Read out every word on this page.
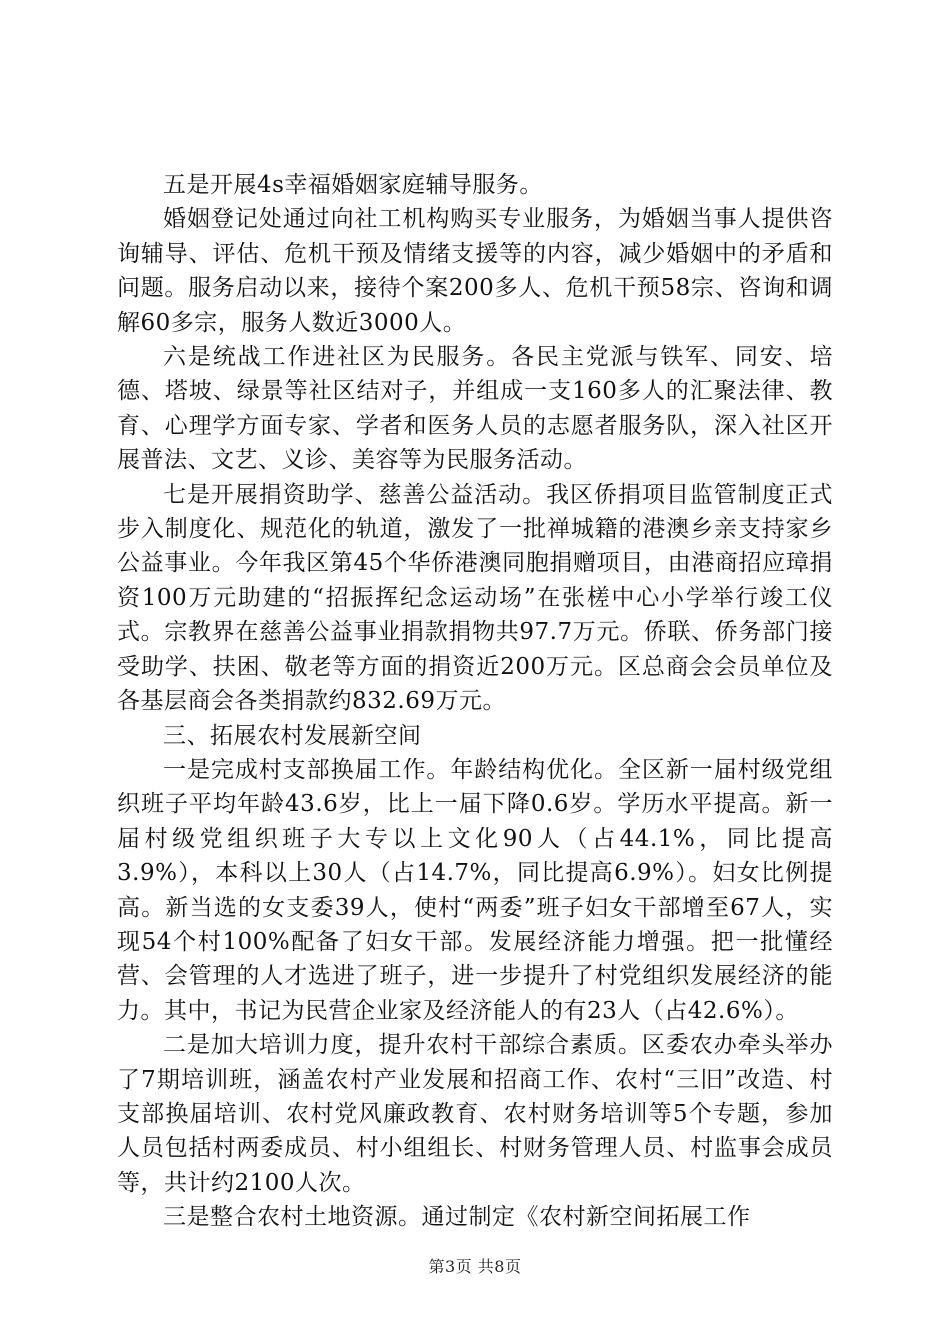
五是开展4s幸福婚姻家庭辅导服务。

婚姻登记处通过向社工机构购买专业服务，为婚姻当事人提供咨询辅导、评估、危机干预及情绪支援等的内容，减少婚姻中的矛盾和问题。服务启动以来，接待个案200多人、危机干预58宗、咨询和调解60多宗，服务人数近3000人。

六是统战工作进社区为民服务。各民主党派与铁军、同安、培德、塔坡、绿景等社区结对子，并组成一支160多人的汇聚法律、教育、心理学方面专家、学者和医务人员的志愿者服务队，深入社区开展普法、文艺、义诊、美容等为民服务活动。

七是开展捐资助学、慈善公益活动。我区侨捐项目监管制度正式步入制度化、规范化的轨道，激发了一批禅城籍的港澳乡亲支持家乡公益事业。今年我区第45个华侨港澳同胞捐赠项目，由港商招应璋捐资100万元助建的“招振挥纪念运动场”在张槎中心小学举行竣工仪式。宗教界在慈善公益事业捐款捐物共97.7万元。侨联、侨务部门接受助学、扶困、敬老等方面的捐资近200万元。区总商会会员单位及各基层商会各类捐款约832.69万元。

三、拓展农村发展新空间

一是完成村支部换届工作。年龄结构优化。全区新一届村级党组织班子平均年龄43.6岁，比上一届下降0.6岁。学历水平提高。新一届村级党组织班子大专以上文化90人（占44.1%，同比提高3.9%），本科以上30人（占14.7%，同比提高6.9%）。妇女比例提高。新当选的女支委39人，使村“两委”班子妇女干部增至67人，实现54个村100%配备了妇女干部。发展经济能力增强。把一批懂经营、会管理的人才选进了班子，进一步提升了村党组织发展经济的能力。其中，书记为民营企业家及经济能人的有23人（占42.6%）。

二是加大培训力度，提升农村干部综合素质。区委农办牵头举办了7期培训班，涵盖农村产业发展和招商工作、农村“三旧”改造、村支部换届培训、农村党风廉政教育、农村财务培训等5个专题，参加人员包括村两委成员、村小组组长、村财务管理人员、村监事会成员等，共计约2100人次。

三是整合农村土地资源。通过制定《农村新空间拓展工作

第3页 共8页
